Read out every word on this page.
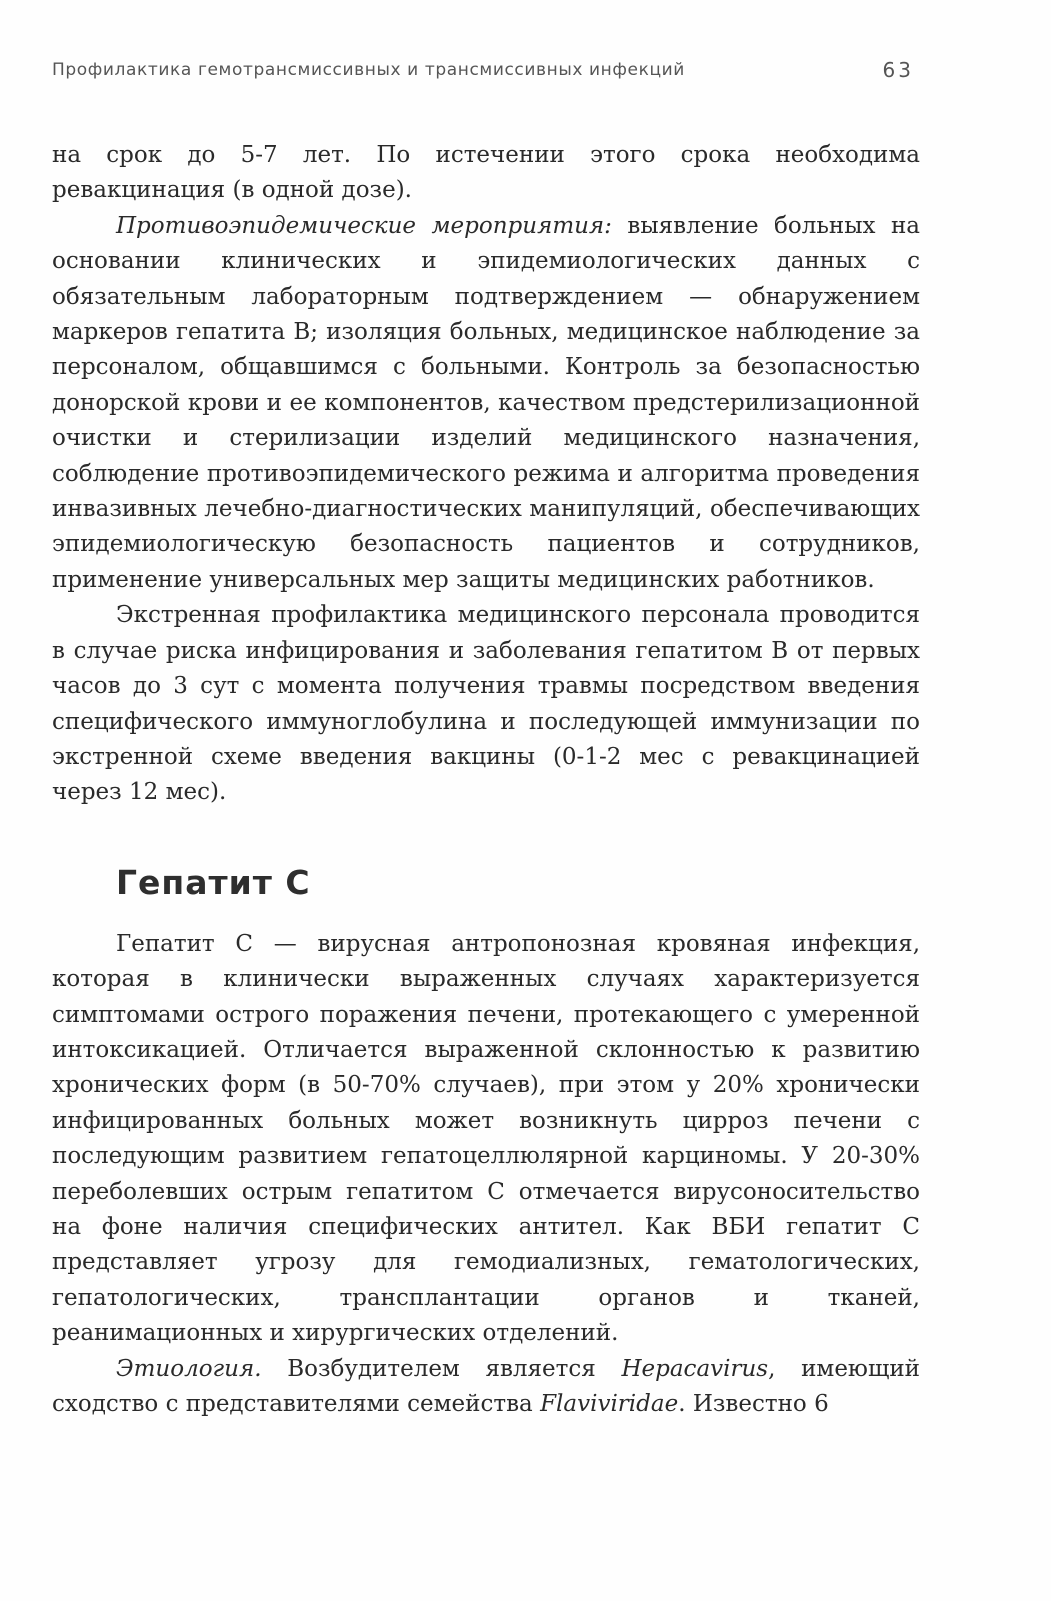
Профилактика гемотрансмиссивных и трансмиссивных инфекций	63

на срок до 5-7 лет. По истечении этого срока необходима ревакцинация (в одной дозе).

Противоэпидемические мероприятия: выявление больных на основании клинических и эпидемиологических данных с обязательным лабораторным подтверждением — обнаружением маркеров гепатита В; изоляция больных, медицинское наблюдение за персоналом, общавшимся с больными. Контроль за безопасностью донорской крови и ее компонентов, качеством предстерилизационной очистки и стерилизации изделий медицинского назначения, соблюдение противоэпидемического режима и алгоритма проведения инвазивных лечебно-диагностических манипуляций, обеспечивающих эпидемиологическую безопасность пациентов и сотрудников, применение универсальных мер защиты медицинских работников.

Экстренная профилактика медицинского персонала проводится в случае риска инфицирования и заболевания гепатитом В от первых часов до 3 сут с момента получения травмы посредством введения специфического иммуноглобулина и последующей иммунизации по экстренной схеме введения вакцины (0-1-2 мес с ревакцинацией через 12 мес).

Гепатит С

Гепатит С — вирусная антропонозная кровяная инфекция, которая в клинически выраженных случаях характеризуется симптомами острого поражения печени, протекающего с умеренной интоксикацией. Отличается выраженной склонностью к развитию хронических форм (в 50-70% случаев), при этом у 20% хронически инфицированных больных может возникнуть цирроз печени с последующим развитием гепатоцеллюлярной карциномы. У 20-30% переболевших острым гепатитом С отмечается вирусоносительство на фоне наличия специфических антител. Как ВБИ гепатит С представляет угрозу для гемодиализных, гематологических, гепатологических, трансплантации органов и тканей, реанимационных и хирургических отделений.

Этиология. Возбудителем является Hepacavirus, имеющий сходство с представителями семейства Flaviviridae. Известно 6
